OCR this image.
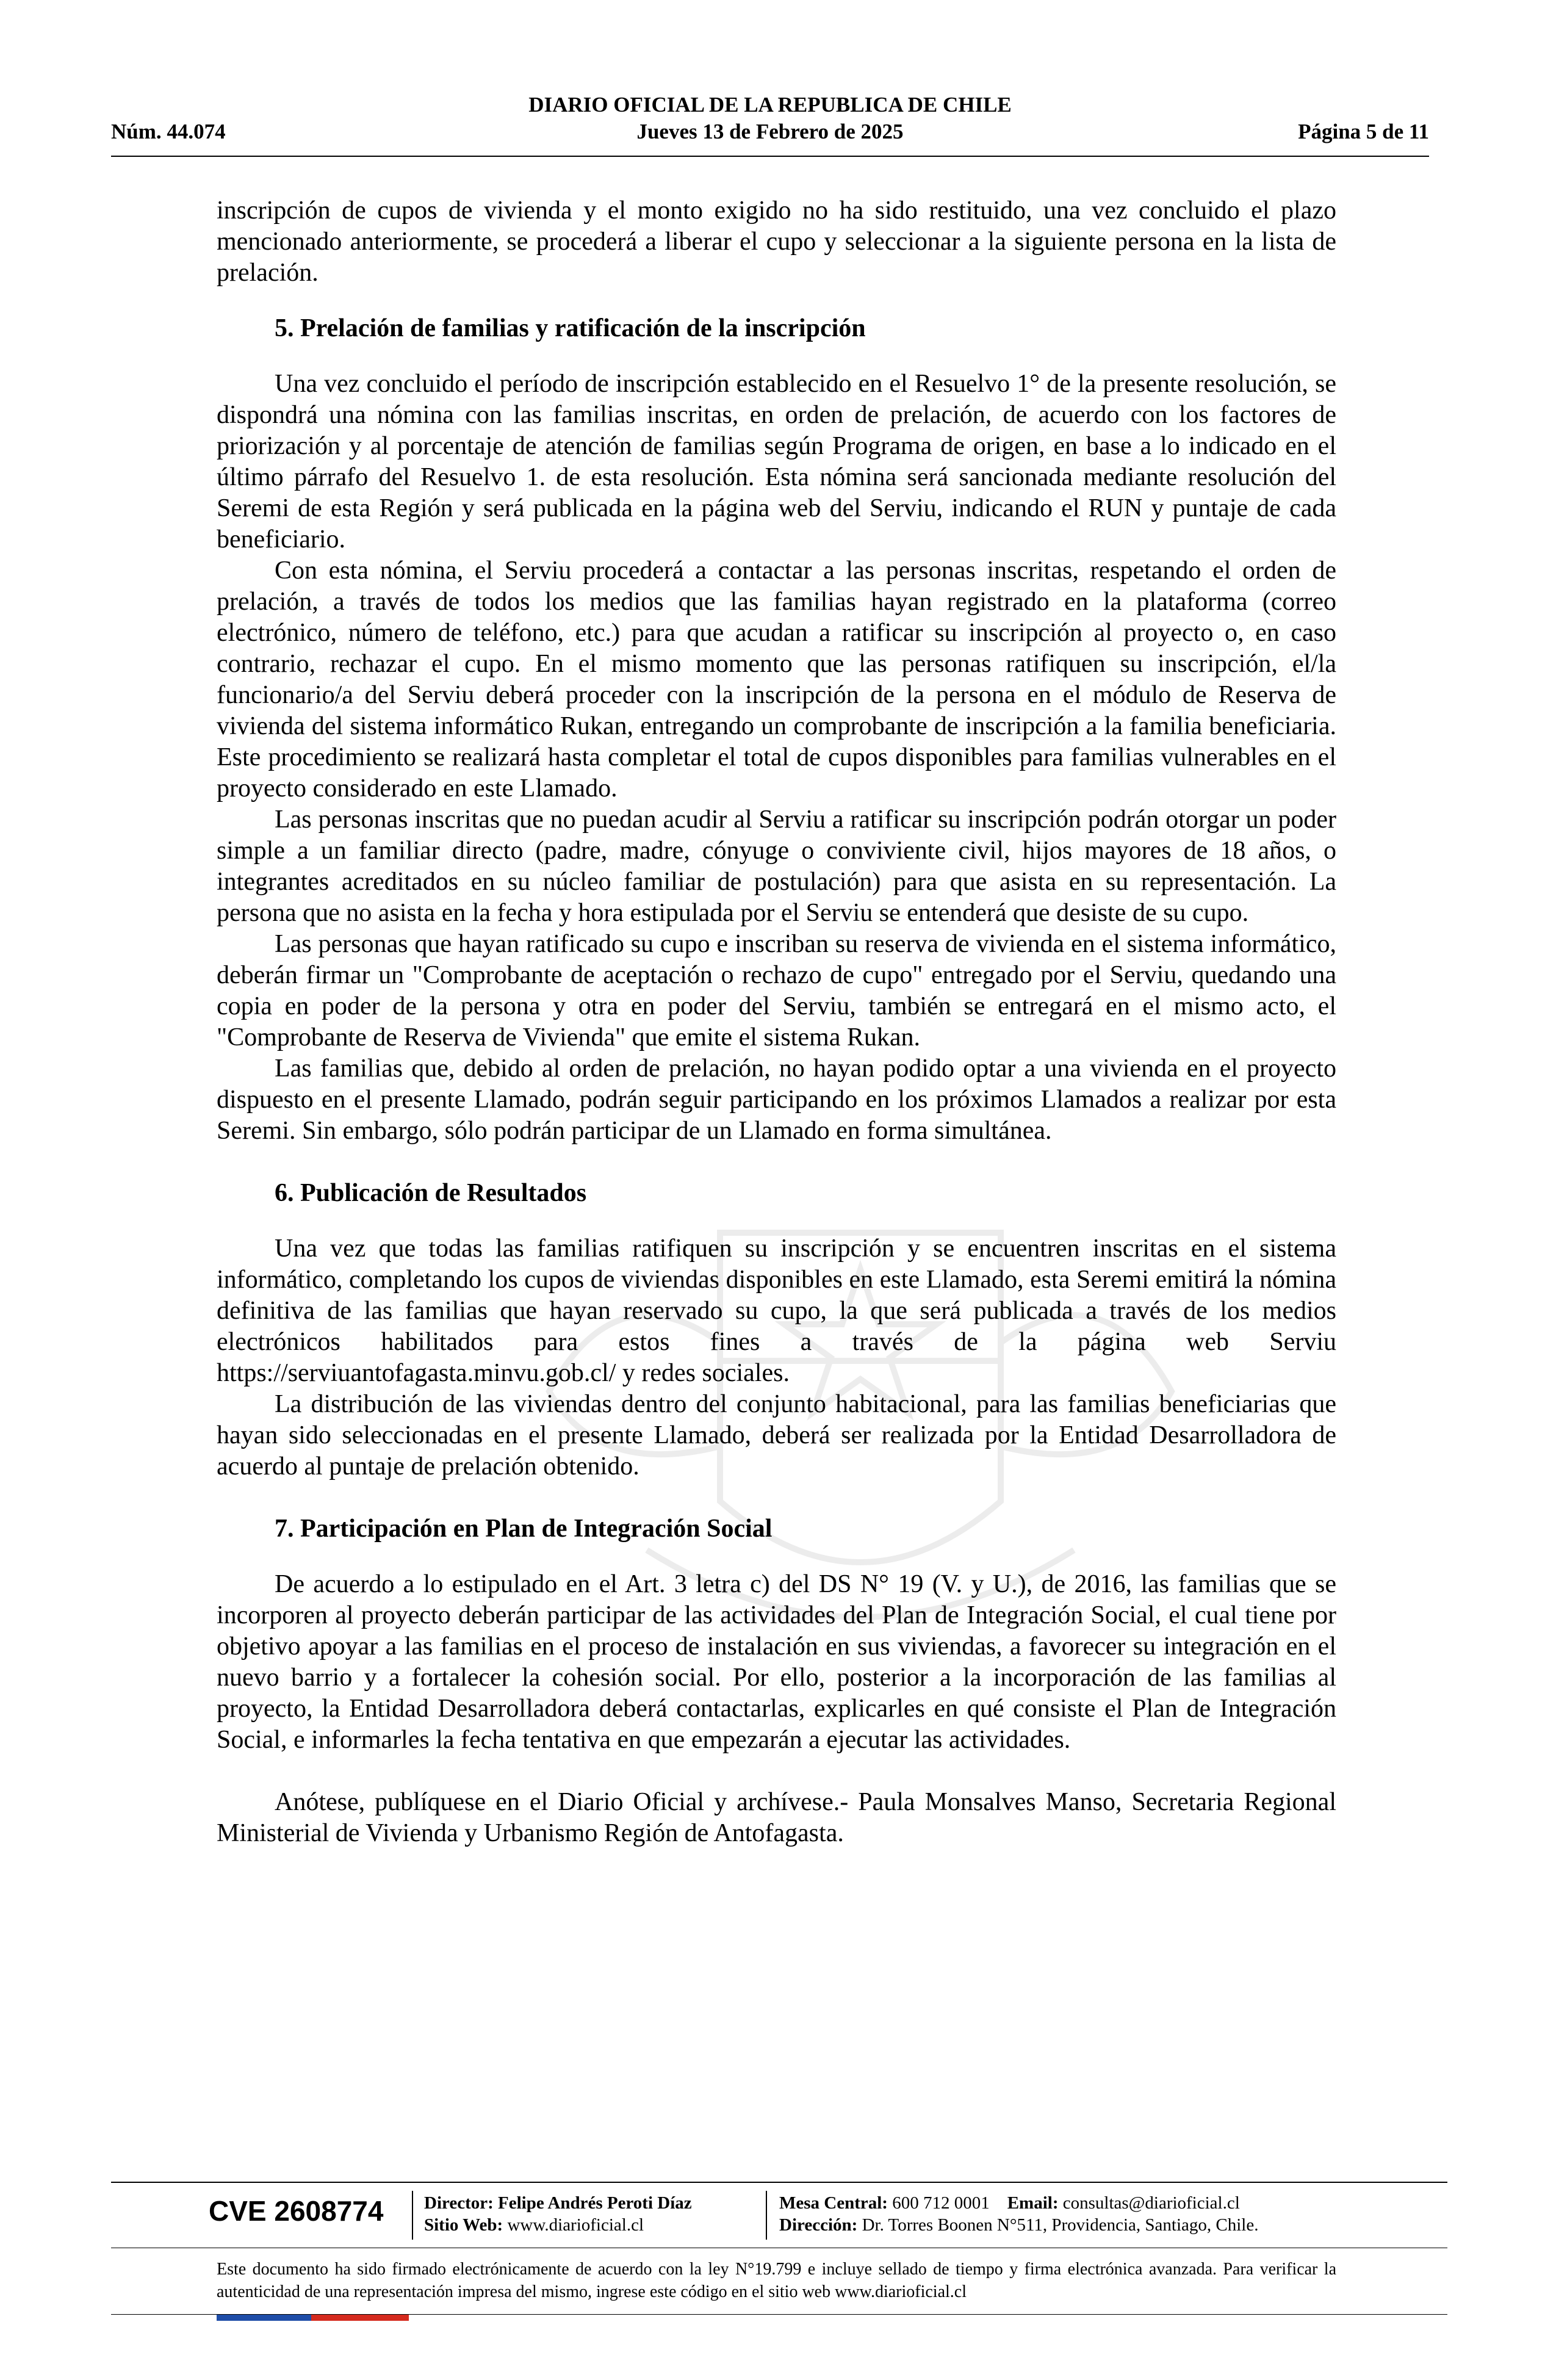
DIARIO OFICIAL DE LA REPUBLICA DE CHILE
Núm. 44.074	Jueves 13 de Febrero de 2025	Página 5 de 11

inscripción de cupos de vivienda y el monto exigido no ha sido restituido, una vez concluido el plazo mencionado anteriormente, se procederá a liberar el cupo y seleccionar a la siguiente persona en la lista de prelación.

5. Prelación de familias y ratificación de la inscripción

Una vez concluido el período de inscripción establecido en el Resuelvo 1° de la presente resolución, se dispondrá una nómina con las familias inscritas, en orden de prelación, de acuerdo con los factores de priorización y al porcentaje de atención de familias según Programa de origen, en base a lo indicado en el último párrafo del Resuelvo 1. de esta resolución. Esta nómina será sancionada mediante resolución del Seremi de esta Región y será publicada en la página web del Serviu, indicando el RUN y puntaje de cada beneficiario.

Con esta nómina, el Serviu procederá a contactar a las personas inscritas, respetando el orden de prelación, a través de todos los medios que las familias hayan registrado en la plataforma (correo electrónico, número de teléfono, etc.) para que acudan a ratificar su inscripción al proyecto o, en caso contrario, rechazar el cupo. En el mismo momento que las personas ratifiquen su inscripción, el/la funcionario/a del Serviu deberá proceder con la inscripción de la persona en el módulo de Reserva de vivienda del sistema informático Rukan, entregando un comprobante de inscripción a la familia beneficiaria. Este procedimiento se realizará hasta completar el total de cupos disponibles para familias vulnerables en el proyecto considerado en este Llamado.

Las personas inscritas que no puedan acudir al Serviu a ratificar su inscripción podrán otorgar un poder simple a un familiar directo (padre, madre, cónyuge o conviviente civil, hijos mayores de 18 años, o integrantes acreditados en su núcleo familiar de postulación) para que asista en su representación. La persona que no asista en la fecha y hora estipulada por el Serviu se entenderá que desiste de su cupo.

Las personas que hayan ratificado su cupo e inscriban su reserva de vivienda en el sistema informático, deberán firmar un "Comprobante de aceptación o rechazo de cupo" entregado por el Serviu, quedando una copia en poder de la persona y otra en poder del Serviu, también se entregará en el mismo acto, el "Comprobante de Reserva de Vivienda" que emite el sistema Rukan.

Las familias que, debido al orden de prelación, no hayan podido optar a una vivienda en el proyecto dispuesto en el presente Llamado, podrán seguir participando en los próximos Llamados a realizar por esta Seremi. Sin embargo, sólo podrán participar de un Llamado en forma simultánea.

6. Publicación de Resultados

Una vez que todas las familias ratifiquen su inscripción y se encuentren inscritas en el sistema informático, completando los cupos de viviendas disponibles en este Llamado, esta Seremi emitirá la nómina definitiva de las familias que hayan reservado su cupo, la que será publicada a través de los medios electrónicos habilitados para estos fines a través de la página web Serviu https://serviuantofagasta.minvu.gob.cl/ y redes sociales.

La distribución de las viviendas dentro del conjunto habitacional, para las familias beneficiarias que hayan sido seleccionadas en el presente Llamado, deberá ser realizada por la Entidad Desarrolladora de acuerdo al puntaje de prelación obtenido.

7. Participación en Plan de Integración Social

De acuerdo a lo estipulado en el Art. 3 letra c) del DS N° 19 (V. y U.), de 2016, las familias que se incorporen al proyecto deberán participar de las actividades del Plan de Integración Social, el cual tiene por objetivo apoyar a las familias en el proceso de instalación en sus viviendas, a favorecer su integración en el nuevo barrio y a fortalecer la cohesión social. Por ello, posterior a la incorporación de las familias al proyecto, la Entidad Desarrolladora deberá contactarlas, explicarles en qué consiste el Plan de Integración Social, e informarles la fecha tentativa en que empezarán a ejecutar las actividades.

Anótese, publíquese en el Diario Oficial y archívese.- Paula Monsalves Manso, Secretaria Regional Ministerial de Vivienda y Urbanismo Región de Antofagasta.

CVE 2608774 Director: Felipe Andrés Peroti Díaz
Sitio Web: www.diarioficial.cl
Mesa Central: 600 712 0001 Email: consultas@diarioficial.cl
Dirección: Dr. Torres Boonen N°511, Providencia, Santiago, Chile.
Este documento ha sido firmado electrónicamente de acuerdo con la ley N°19.799 e incluye sellado de tiempo y firma electrónica avanzada. Para verificar la autenticidad de una representación impresa del mismo, ingrese este código en el sitio web www.diarioficial.cl
